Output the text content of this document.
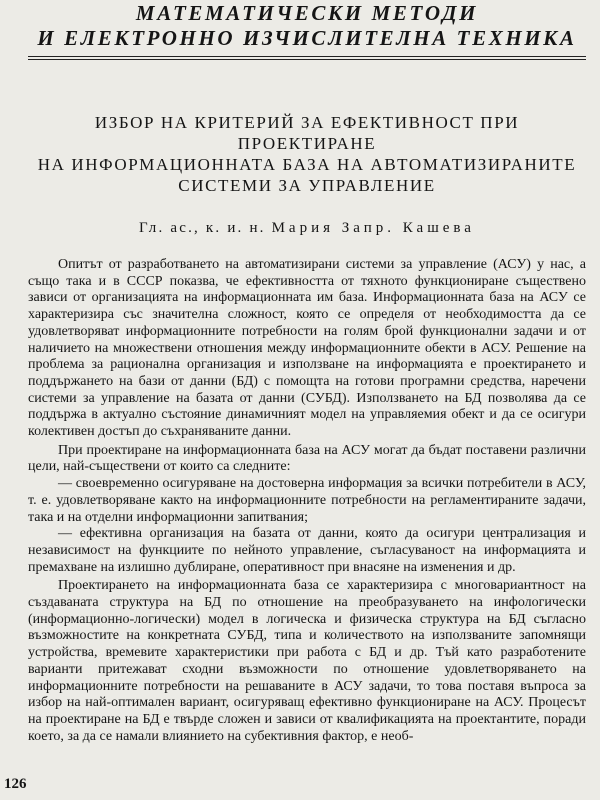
МАТЕМАТИЧЕСКИ МЕТОДИ
И ЕЛЕКТРОННО ИЗЧИСЛИТЕЛНА ТЕХНИКА
ИЗБОР НА КРИТЕРИЙ ЗА ЕФЕКТИВНОСТ ПРИ ПРОЕКТИРАНЕ
НА ИНФОРМАЦИОННАТА БАЗА НА АВТОМАТИЗИРАНИТЕ
СИСТЕМИ ЗА УПРАВЛЕНИЕ
Гл. ас., к. и. н. Мария Запр. Кашева

Опитът от разработването на автоматизирани системи за управление (АСУ) у нас, а също така и в СССР показва, че ефективността от тяхното функциониране съществено зависи от организацията на информационната им база. Информационната база на АСУ се характеризира със значителна сложност, която се определя от необходимостта да се удовлетворяват информационните потребности на голям брой функционални задачи и от наличието на множествени отношения между информационните обекти в АСУ. Решение на проблема за рационална организация и използване на информацията е проектирането и поддържането на бази от данни (БД) с помощта на готови програмни средства, наречени системи за управление на базата от данни (СУБД). Използването на БД позволява да се поддържа в актуално състояние динамичният модел на управляемия обект и да се осигури колективен достъп до съхраняваните данни.

При проектиране на информационната база на АСУ могат да бъдат поставени различни цели, най-съществени от които са следните:

— своевременно осигуряване на достоверна информация за всички потребители в АСУ, т. е. удовлетворяване както на информационните потребности на регламентираните задачи, така и на отделни информационни запитвания;

— ефективна организация на базата от данни, която да осигури централизация и независимост на функциите по нейното управление, съгласуваност на информацията и премахване на излишно дублиране, оперативност при внасяне на изменения и др.

Проектирането на информационната база се характеризира с многовариантност на създаваната структура на БД по отношение на преобразуването на инфологически (информационно-логически) модел в логическа и физическа структура на БД съгласно възможностите на конкретната СУБД, типа и количеството на използваните запомнящи устройства, времевите характеристики при работа с БД и др. Тъй като разработените варианти притежават сходни възможности по отношение удовлетворяването на информационните потребности на решаваните в АСУ задачи, то това поставя въпроса за избор на най-оптимален вариант, осигуряващ ефективно функциониране на АСУ. Процесът на проектиране на БД е твърде сложен и зависи от квалификацията на проектантите, поради което, за да се намали влиянието на субективния фактор, е необ-

126
